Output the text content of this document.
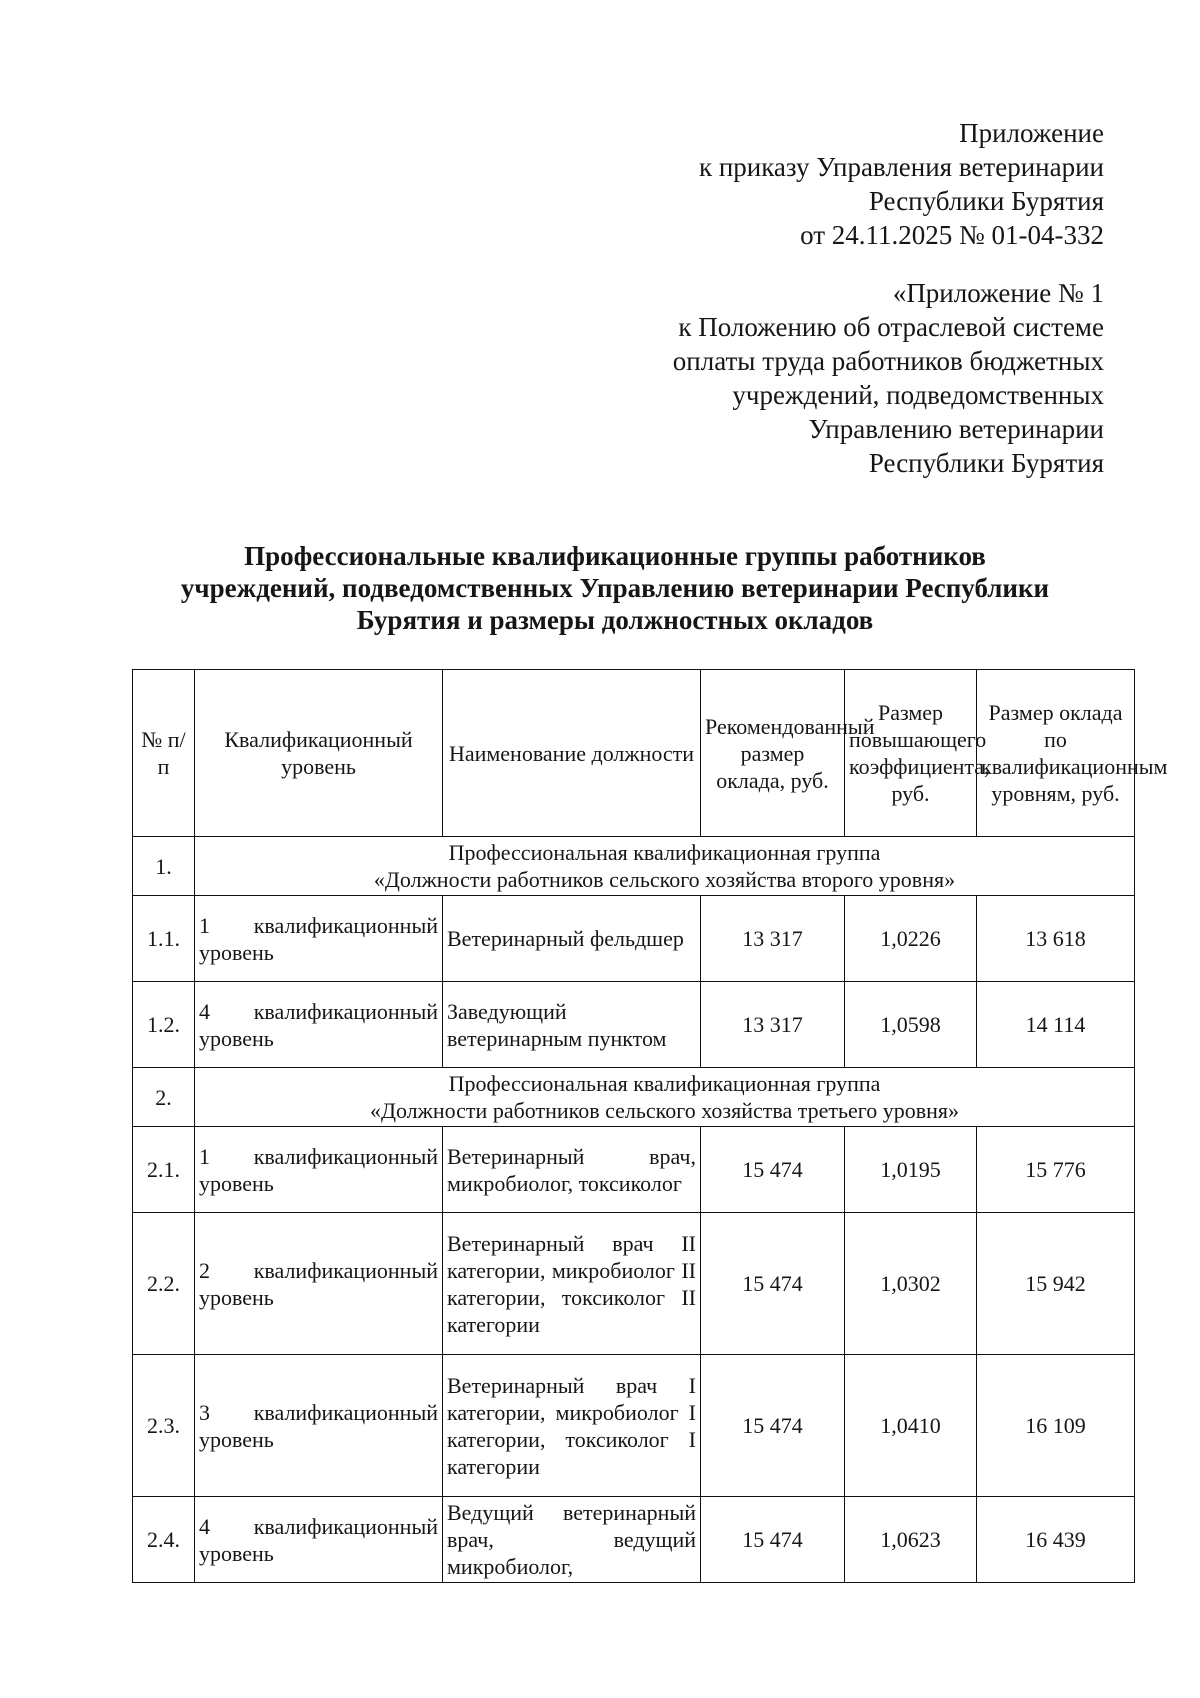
Приложение
к приказу Управления ветеринарии
Республики Бурятия
от 24.11.2025 № 01-04-332
«Приложение № 1
к Положению об отраслевой системе
оплаты труда работников бюджетных
учреждений, подведомственных
Управлению ветеринарии
Республики Бурятия
Профессиональные квалификационные группы работников
учреждений, подведомственных Управлению ветеринарии Республики
Бурятия и размеры должностных окладов
№ п/п	Квалификационный уровень	Наименование должности	Рекомендованный размер оклада, руб.	Размер повышающего коэффициента, руб.	Размер оклада по квалификационным уровням, руб.
1.	Профессиональная квалификационная группа
«Должности работников сельского хозяйства второго уровня»				

1.1.	1 квалификационный уровень	Ветеринарный фельдшер	13 317	1,0226	13 618
1.2.	4 квалификационный уровень	Заведующий ветеринарным пунктом	13 317	1,0598	14 114
2.	Профессиональная квалификационная группа
«Должности работников сельского хозяйства третьего уровня»				

2.1.	1 квалификационный уровень	Ветеринарный врач, микробиолог, токсиколог	15 474	1,0195	15 776
2.2.	2 квалификационный уровень	Ветеринарный врач II категории, микробиолог II категории, токсиколог II категории	15 474	1,0302	15 942
2.3.	3 квалификационный уровень	Ветеринарный врач I категории, микробиолог I категории, токсиколог I категории	15 474	1,0410	16 109
2.4.	4 квалификационный уровень	Ведущий ветеринарный врач, ведущий микробиолог,	15 474	1,0623	16 439
